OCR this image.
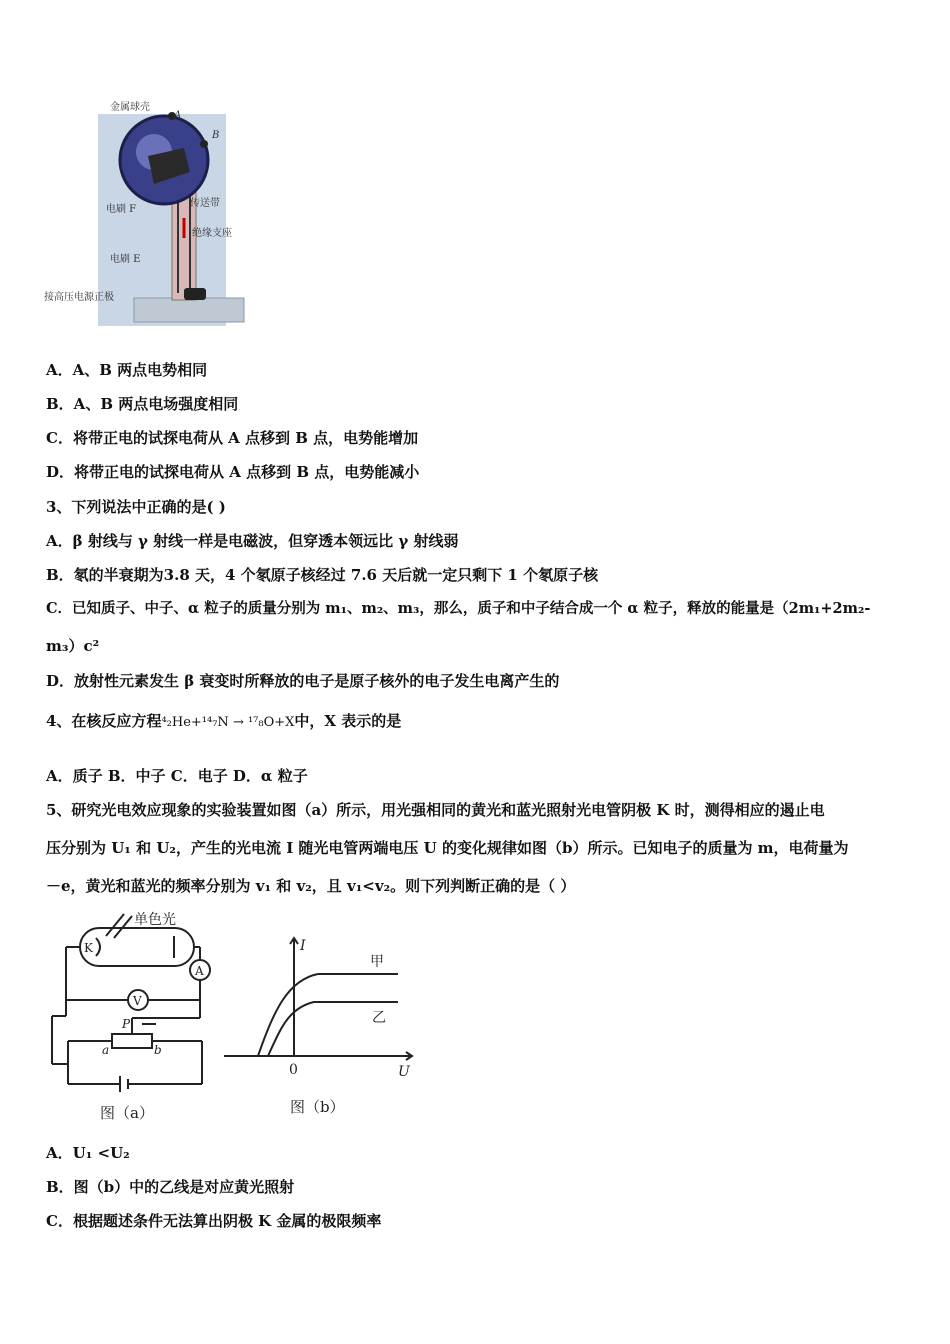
金属球壳
A
B
电刷 F
传送带
绝缘支座
电刷 E
接高压电源正极
A．A、B 两点电势相同
B．A、B 两点电场强度相同
C．将带正电的试探电荷从 A 点移到 B 点，电势能增加
D．将带正电的试探电荷从 A 点移到 B 点，电势能减小
3、下列说法中正确的是( )
A．β 射线与 γ 射线一样是电磁波，但穿透本领远比 γ 射线弱
B．氡的半衰期为3.8 天，4 个氡原子核经过 7.6 天后就一定只剩下 1 个氡原子核
C．已知质子、中子、α 粒子的质量分别为 m₁、m₂、m₃，那么，质子和中子结合成一个 α 粒子，释放的能量是（2m₁+2m₂-
m₃）c²
D．放射性元素发生 β 衰变时所释放的电子是原子核外的电子发生电离产生的
4、在核反应方程⁴₂He+¹⁴₇N → ¹⁷₈O+X中，X 表示的是
A．质子 B．中子 C．电子 D．α 粒子
5、研究光电效应现象的实验装置如图（a）所示，用光强相同的黄光和蓝光照射光电管阴极 K 时，测得相应的遏止电
压分别为 U₁ 和 U₂，产生的光电流 I 随光电管两端电压 U 的变化规律如图（b）所示。已知电子的质量为 m，电荷量为
－e，黄光和蓝光的频率分别为 v₁ 和 v₂，且 v₁<v₂。则下列判断正确的是（ ）
单色光
K
A
V
P
a	b
图（a）
I
U
0
甲
乙
图（b）
A．U₁ <U₂
B．图（b）中的乙线是对应黄光照射
C．根据题述条件无法算出阴极 K 金属的极限频率
